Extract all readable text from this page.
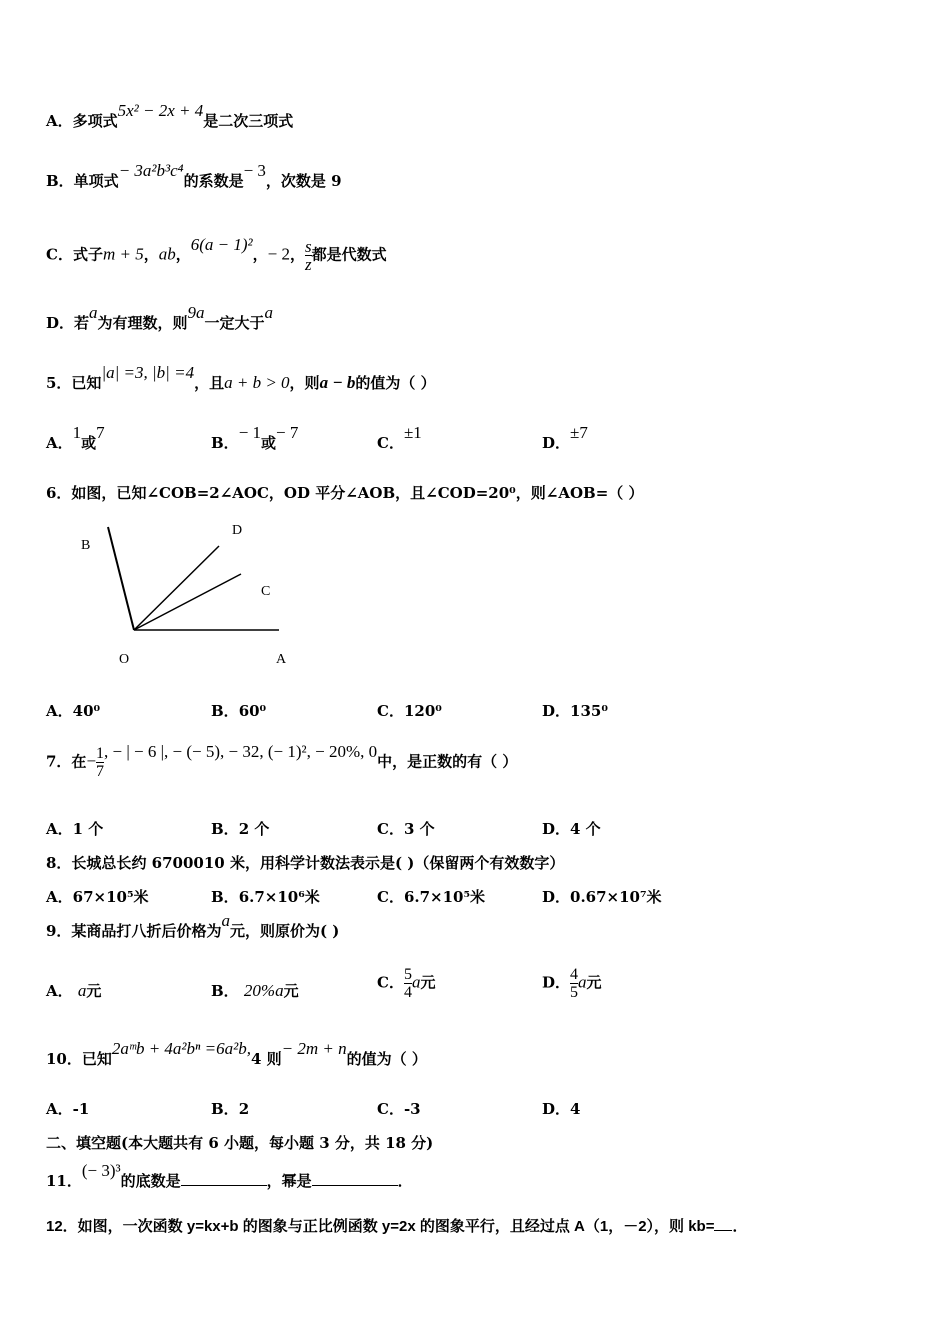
A．多项式5x² − 2x + 4是二次三项式
B．单项式− 3a²b³c⁴的系数是− 3，次数是 9
C．式子m + 5，ab，6(a − 1)²，− 2， $\frac{s}{z}$ 都是代数式
D．若a为有理数，则9a一定大于a
5．已知|a| =3, |b| =4，且a + b > 0，则a − b的值为（ ）
A．1或7
B．− 1或− 7
C．±1
D．±7
6．如图，已知∠COB=2∠AOC，OD 平分∠AOB，且∠COD=20⁰，则∠AOB=（ ）
B
D
C
O	A
A．40⁰	B．60⁰	C．120⁰	D．135⁰
7．在− $\frac{1}{7}$ , − | − 6 |, − (− 5), − 32, (− 1)², − 20%, 0中，是正数的有（ ）
A．1 个	B．2 个	C．3 个	D．4 个
8．长城总长约 6700010 米，用科学计数法表示是( )（保留两个有效数字）
A．67×10⁵米	B．6.7×10⁶米	C．6.7×10⁵米	D．0.67×10⁷米
9．某商品打八折后价格为a元，则原价为( )
A． a元	B． 20%a元	C． $\frac{5}{4}$ a元	D． $\frac{4}{5}$ a元
10．已知2aᵐb + 4a²bⁿ =6a²b,4 则− 2m + n的值为（ ）
A．-1	B．2	C．-3	D．4
二、填空题(本大题共有 6 小题，每小题 3 分，共 18 分)
11．(− 3)³的底数是	，幂是	．
12．如图，一次函数 y=kx+b 的图象与正比例函数 y=2x 的图象平行，且经过点 A（1，－2），则 kb= ．
